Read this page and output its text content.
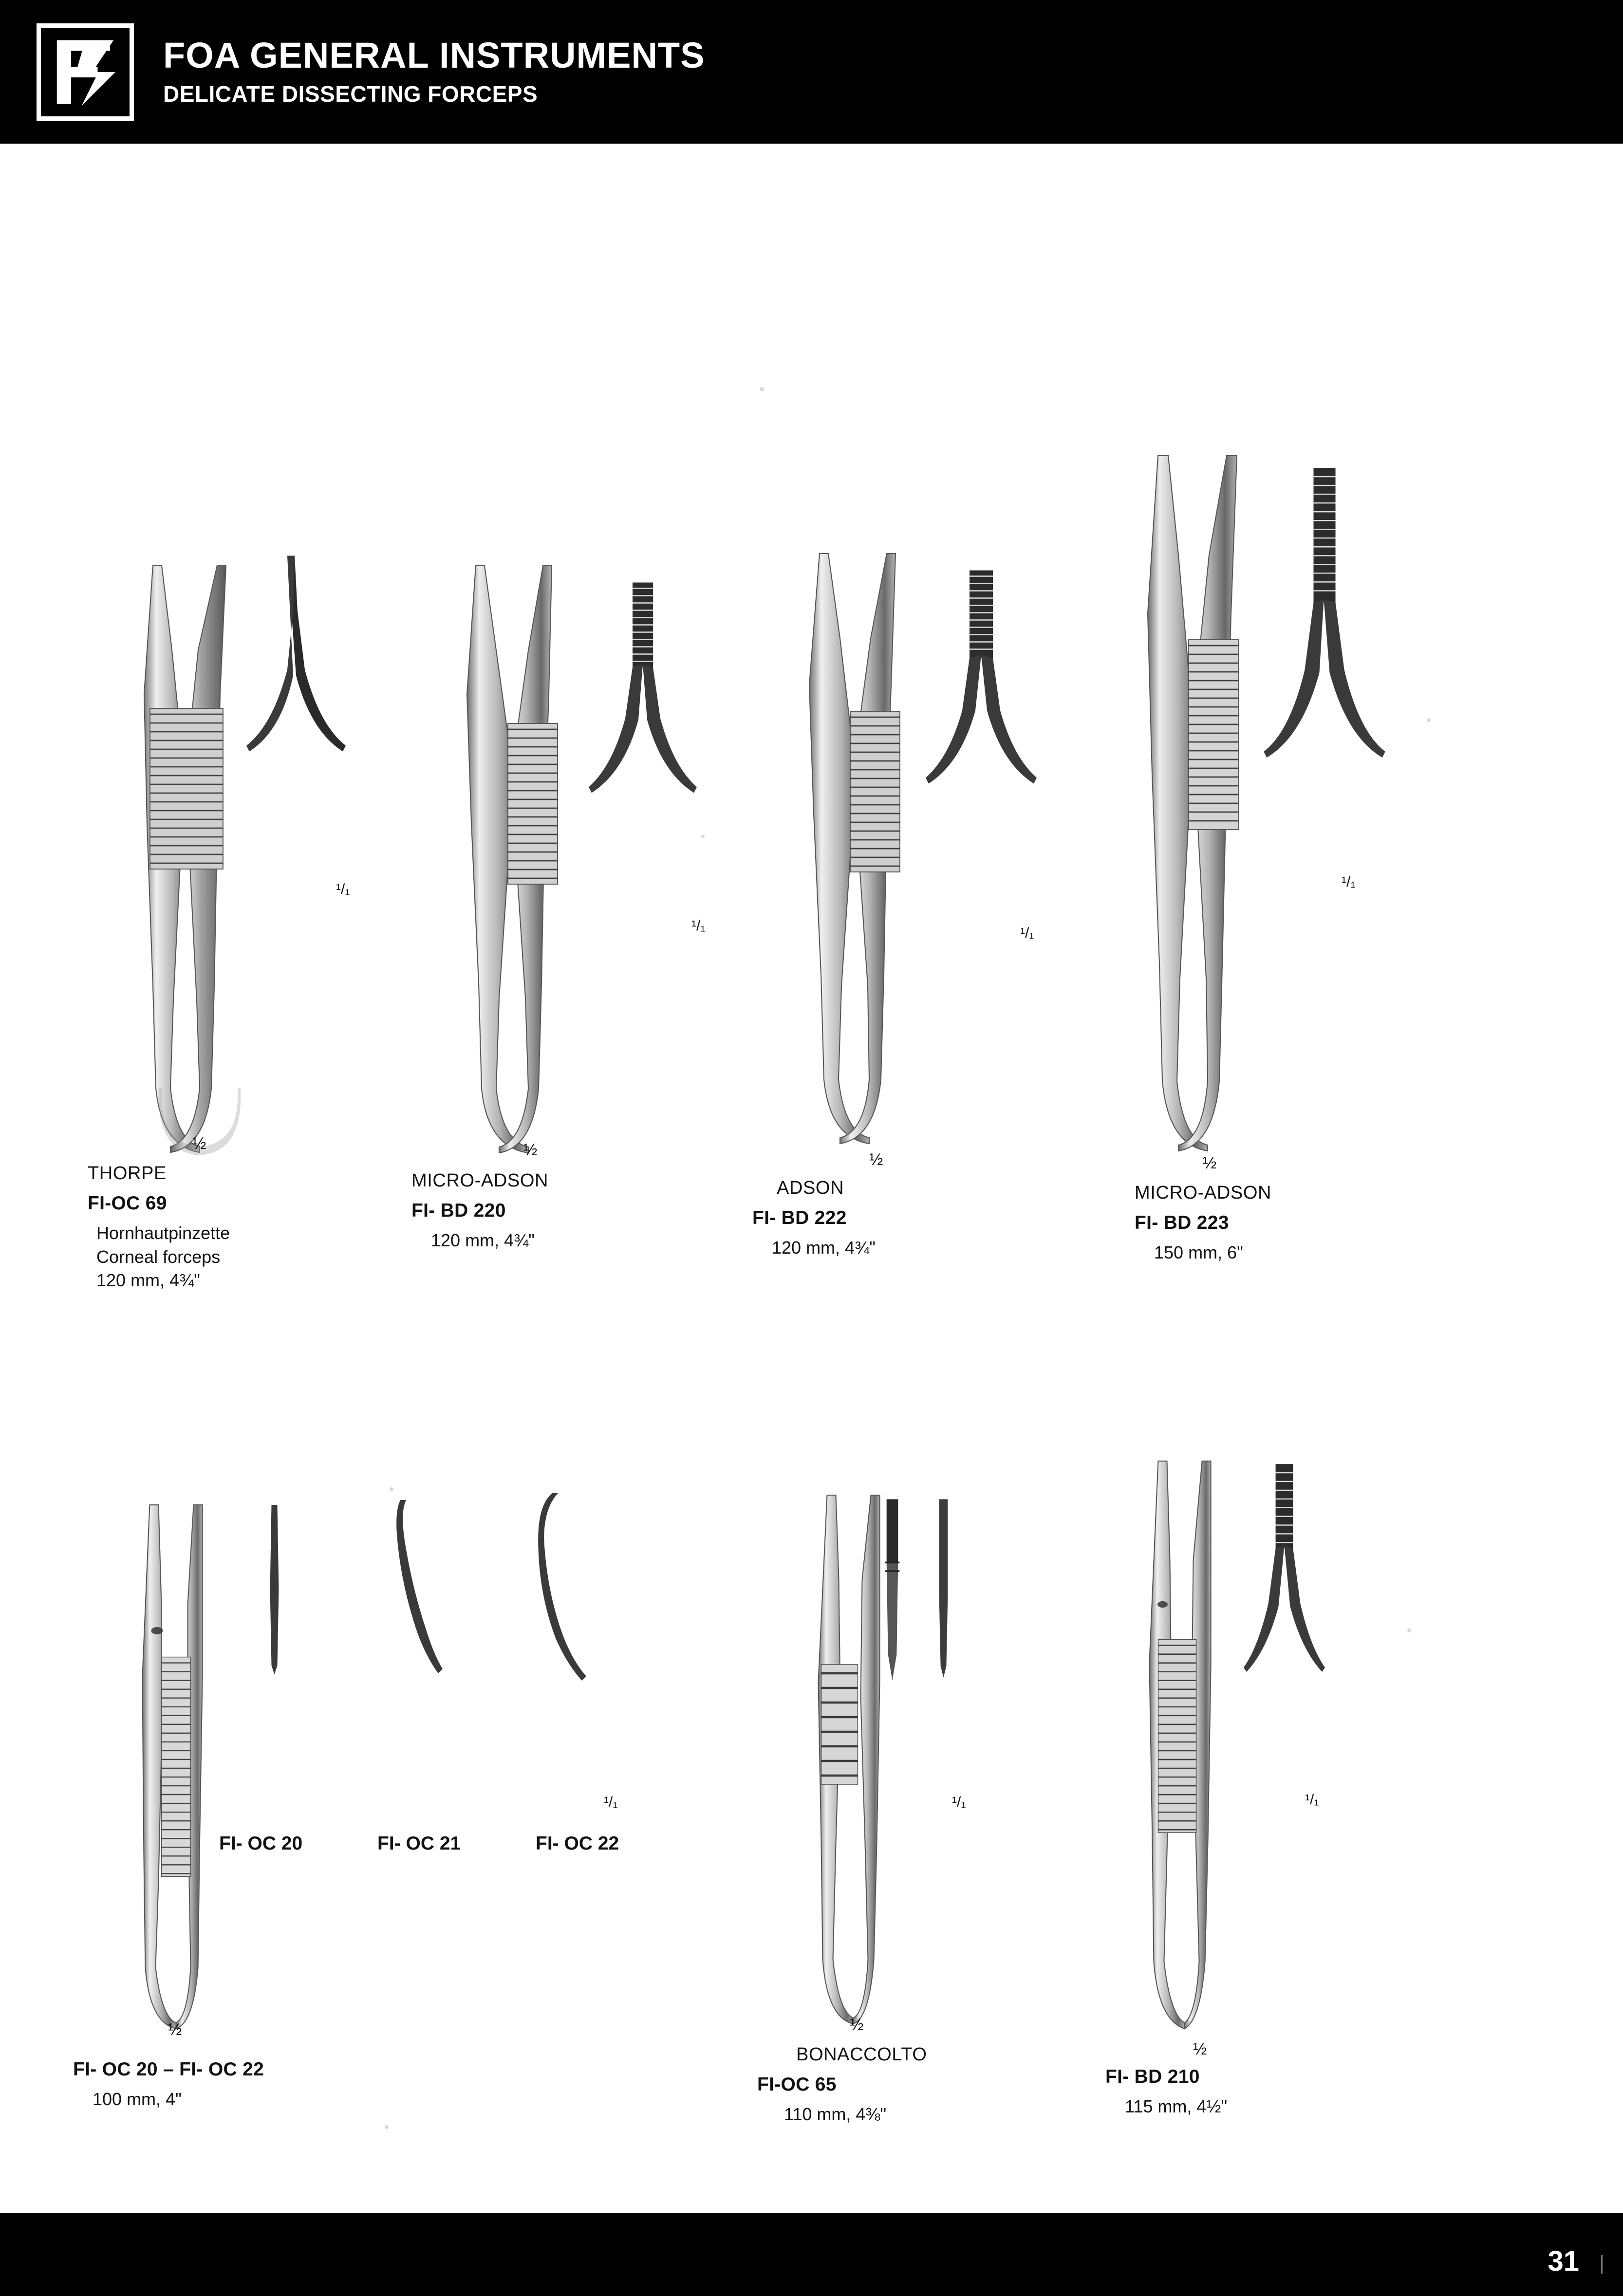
FOA GENERAL INSTRUMENTS
DELICATE DISSECTING FORCEPS
¹/₁
½
THORPE
FI-OC 69
Hornhautpinzette
Corneal forceps
120 mm, 4¾"
¹/₁
½
MICRO-ADSON
FI- BD 220
120 mm, 4¾"
¹/₁
½
ADSON
FI- BD 222
120 mm, 4¾"
¹/₁
½
MICRO-ADSON
FI- BD 223
150 mm, 6"
FI- OC 20	FI- OC 21
¹/₁
FI- OC 22
½
FI- OC 20 – FI- OC 22
100 mm, 4"
¹/₁
½
BONACCOLTO
FI-OC 65
110 mm, 4⅜"
¹/₁
½
FI- BD 210
115 mm, 4½"
31
